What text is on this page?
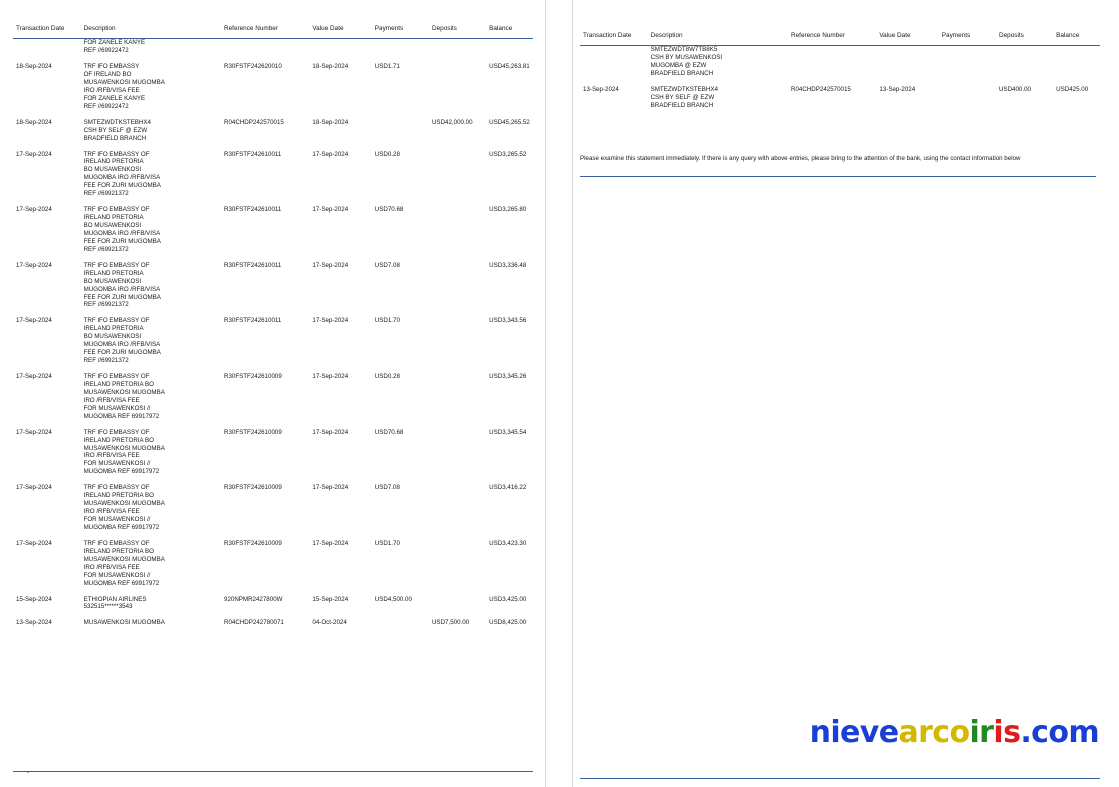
Transaction Date	Description	Reference Number	Value Date	Payments	Deposits	Balance

	FOR ZANELE KANYE
REF //69922472					

18-Sep-2024	TRF IFO EMBASSY
OF IRELAND BO
MUSAWENKOSI MUGOMBA
IRO /RFB/VISA FEE
FOR ZANELE KANYE
REF //69922472
	R30FSTF242620010	18-Sep-2024	USD1.71		USD45,263.81
18-Sep-2024	SMTEZWDTKSTEBHX4
CSH BY SELF @ EZW
BRADFIELD BRANCH	R04CHDP242570015	18-Sep-2024		USD42,000.00	USD45,265.52
17-Sep-2024	TRF IFO EMBASSY OF
IRELAND PRETORIA
BO MUSAWENKOSI
MUGOMBA IRO /RFB/VISA
FEE FOR ZURI MUGOMBA
REF //69921372
	R30FSTF242610011	17-Sep-2024	USD0.28		USD3,265.52
17-Sep-2024	TRF IFO EMBASSY OF
IRELAND PRETORIA
BO MUSAWENKOSI
MUGOMBA IRO /RFB/VISA
FEE FOR ZURI MUGOMBA
REF //69921372
	R30FSTF242610011	17-Sep-2024	USD70.68		USD3,265.80
17-Sep-2024	TRF IFO EMBASSY OF
IRELAND PRETORIA
BO MUSAWENKOSI
MUGOMBA IRO /RFB/VISA
FEE FOR ZURI MUGOMBA
REF //69921372
	R30FSTF242610011	17-Sep-2024	USD7.08		USD3,336.48
17-Sep-2024	TRF IFO EMBASSY OF
IRELAND PRETORIA
BO MUSAWENKOSI
MUGOMBA IRO /RFB/VISA
FEE FOR ZURI MUGOMBA
REF //69921372
	R30FSTF242610011	17-Sep-2024	USD1.70		USD3,343.56
17-Sep-2024	TRF IFO EMBASSY OF
IRELAND PRETORIA BO
MUSAWENKOSI MUGOMBA
IRO /RFB/VISA FEE
FOR MUSAWENKOSI //
MUGOMBA REF 69917972
	R30FSTF242610009	17-Sep-2024	USD0.28		USD3,345.26
17-Sep-2024	TRF IFO EMBASSY OF
IRELAND PRETORIA BO
MUSAWENKOSI MUGOMBA
IRO /RFB/VISA FEE
FOR MUSAWENKOSI //
MUGOMBA REF 69917972
	R30FSTF242610009	17-Sep-2024	USD70.68		USD3,345.54
17-Sep-2024	TRF IFO EMBASSY OF
IRELAND PRETORIA BO
MUSAWENKOSI MUGOMBA
IRO /RFB/VISA FEE
FOR MUSAWENKOSI //
MUGOMBA REF 69917972
	R30FSTF242610009	17-Sep-2024	USD7.08		USD3,416.22
17-Sep-2024	TRF IFO EMBASSY OF
IRELAND PRETORIA BO
MUSAWENKOSI MUGOMBA
IRO /RFB/VISA FEE
FOR MUSAWENKOSI //
MUGOMBA REF 69917972
	R30FSTF242610009	17-Sep-2024	USD1.70		USD3,423.30
15-Sep-2024	ETHIOPIAN AIRLINES
532515******3543	920NPMR2427800W	15-Sep-2024	USD4,500.00		USD3,425.00
13-Sep-2024	MUSAWENKOSI MUGOMBA	R04CHDP242780071	04-Oct-2024		USD7,500.00	USD8,425.00
-
Transaction Date	Description	Reference Number	Value Date	Payments	Deposits	Balance

	SMTEZWDT8W7TB8K5
CSH BY MUSAWENKOSI
MUGOMBA @ EZW
BRADFIELD BRANCH					

13-Sep-2024	SMTEZWDTKSTEBHX4
CSH BY SELF @ EZW
BRADFIELD BRANCH	R04CHDP242570015	13-Sep-2024		USD400.00	USD425.00
Please examine this statement immediately. If there is any query with above entries, please bring to the attention of the bank, using the contact information below
nievearcoiris.com
